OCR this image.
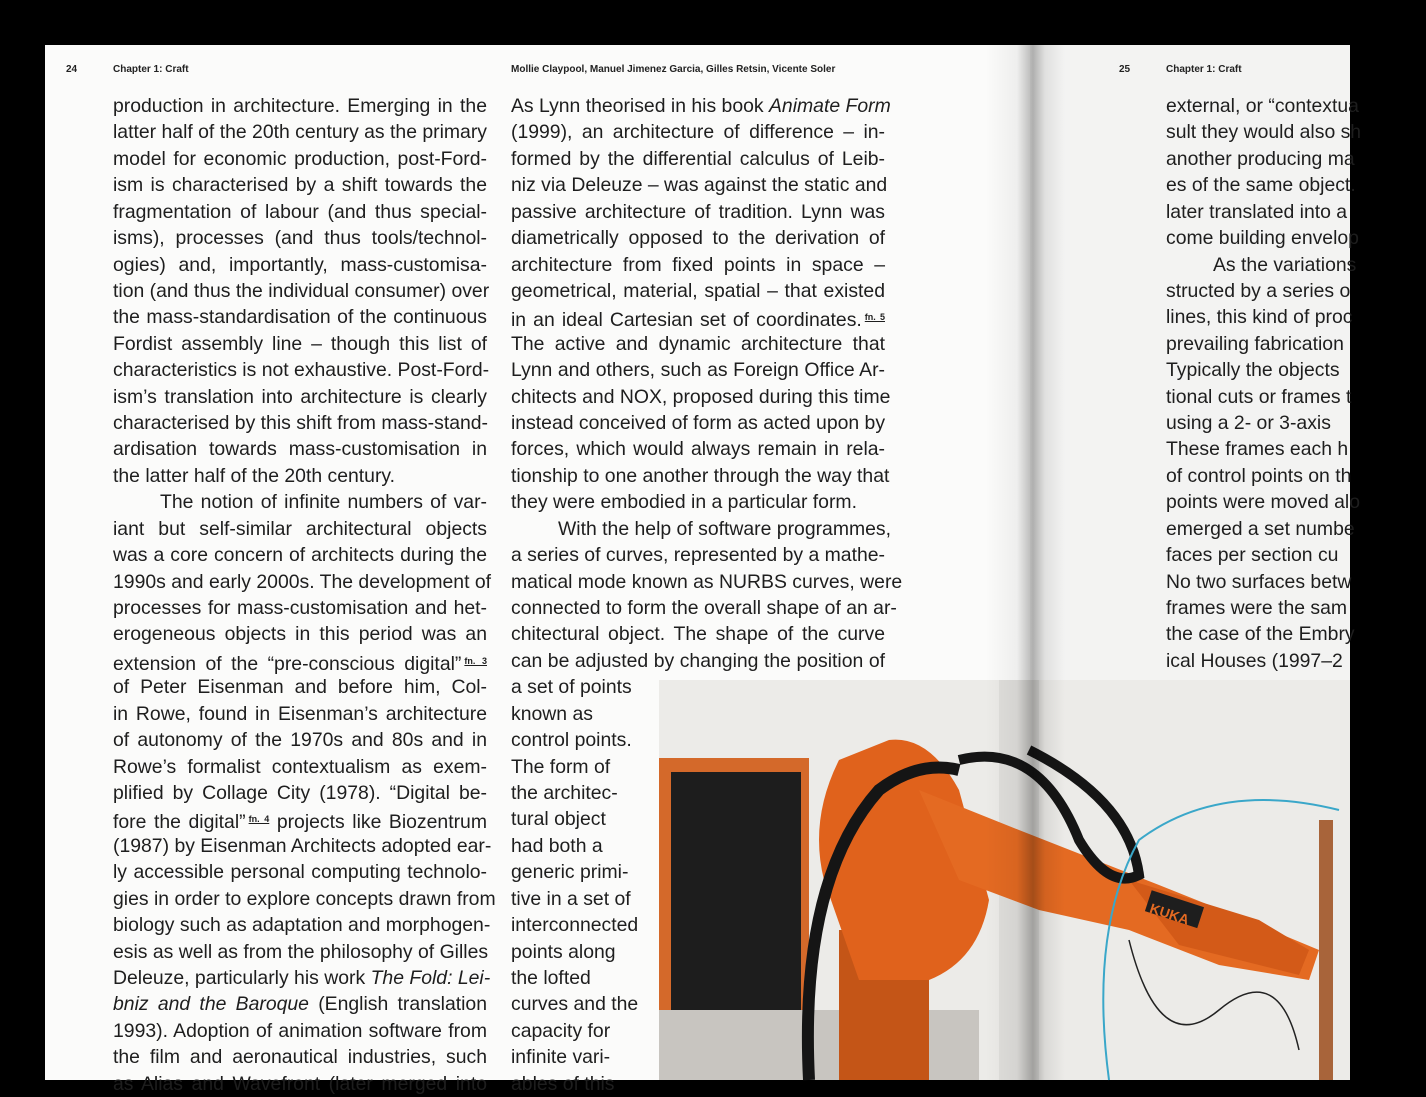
24	Chapter 1: Craft	Mollie Claypool, Manuel Jimenez Garcia, Gilles Retsin, Vicente Soler	25	Chapter 1: Craft
production in architecture. Emerging in the
latter half of the 20th century as the primary
model for economic production, post-Ford-
ism is characterised by a shift towards the
fragmentation of labour (and thus special-
isms), processes (and thus tools/technol-
ogies) and, importantly, mass-customisa-
tion (and thus the individual consumer) over
the mass-standardisation of the continuous
Fordist assembly line – though this list of
characteristics is not exhaustive. Post-Ford-
ism’s translation into architecture is clearly
characterised by this shift from mass-stand-
ardisation towards mass-customisation in
the latter half of the 20th century.
The notion of infinite numbers of var-
iant but self-similar architectural objects
was a core concern of architects during the
1990s and early 2000s. The development of
processes for mass-customisation and het-
erogeneous objects in this period was an
extension of the “pre-conscious digital” $^{fn. 3}$
of Peter Eisenman and before him, Col-
in Rowe, found in Eisenman’s architecture
of autonomy of the 1970s and 80s and in
Rowe’s formalist contextualism as exem-
plified by Collage City (1978). “Digital be-
fore the digital” $^{fn. 4}$ projects like Biozentrum
(1987) by Eisenman Architects adopted ear-
ly accessible personal computing technolo-
gies in order to explore concepts drawn from
biology such as adaptation and morphogen-
esis as well as from the philosophy of Gilles
Deleuze, particularly his work The Fold: Lei-
bniz and the Baroque (English translation
1993). Adoption of animation software from
the film and aeronautical industries, such
as Alias and Wavefront (later merged into
As Lynn theorised in his book Animate Form
(1999), an architecture of difference – in-
formed by the differential calculus of Leib-
niz via Deleuze – was against the static and
passive architecture of tradition. Lynn was
diametrically opposed to the derivation of
architecture from fixed points in space –
geometrical, material, spatial – that existed
in an ideal Cartesian set of coordinates. $^{fn. 5}$
The active and dynamic architecture that
Lynn and others, such as Foreign Office Ar-
chitects and NOX, proposed during this time
instead conceived of form as acted upon by
forces, which would always remain in rela-
tionship to one another through the way that
they were embodied in a particular form.
With the help of software programmes,
a series of curves, represented by a mathe-
matical mode known as NURBS curves, were
connected to form the overall shape of an ar-
chitectural object. The shape of the curve
can be adjusted by changing the position of
a set of points
known as
control points.
The form of
the architec-
tural object
had both a
generic primi-
tive in a set of
interconnected
points along
the lofted
curves and the
capacity for
infinite vari-
ables of this
external, or “contextua
sult they would also sh
another producing ma
es of the same object.
later translated into a
come building envelop
As the variations
structed by a series o
lines, this kind of proc
prevailing fabrication
Typically the objects
tional cuts or frames t
using a 2- or 3-axis
These frames each h
of control points on th
points were moved alo
emerged a set numbe
faces per section cu
No two surfaces betw
frames were the sam
the case of the Embry
ical Houses (1997–2
KUKA
